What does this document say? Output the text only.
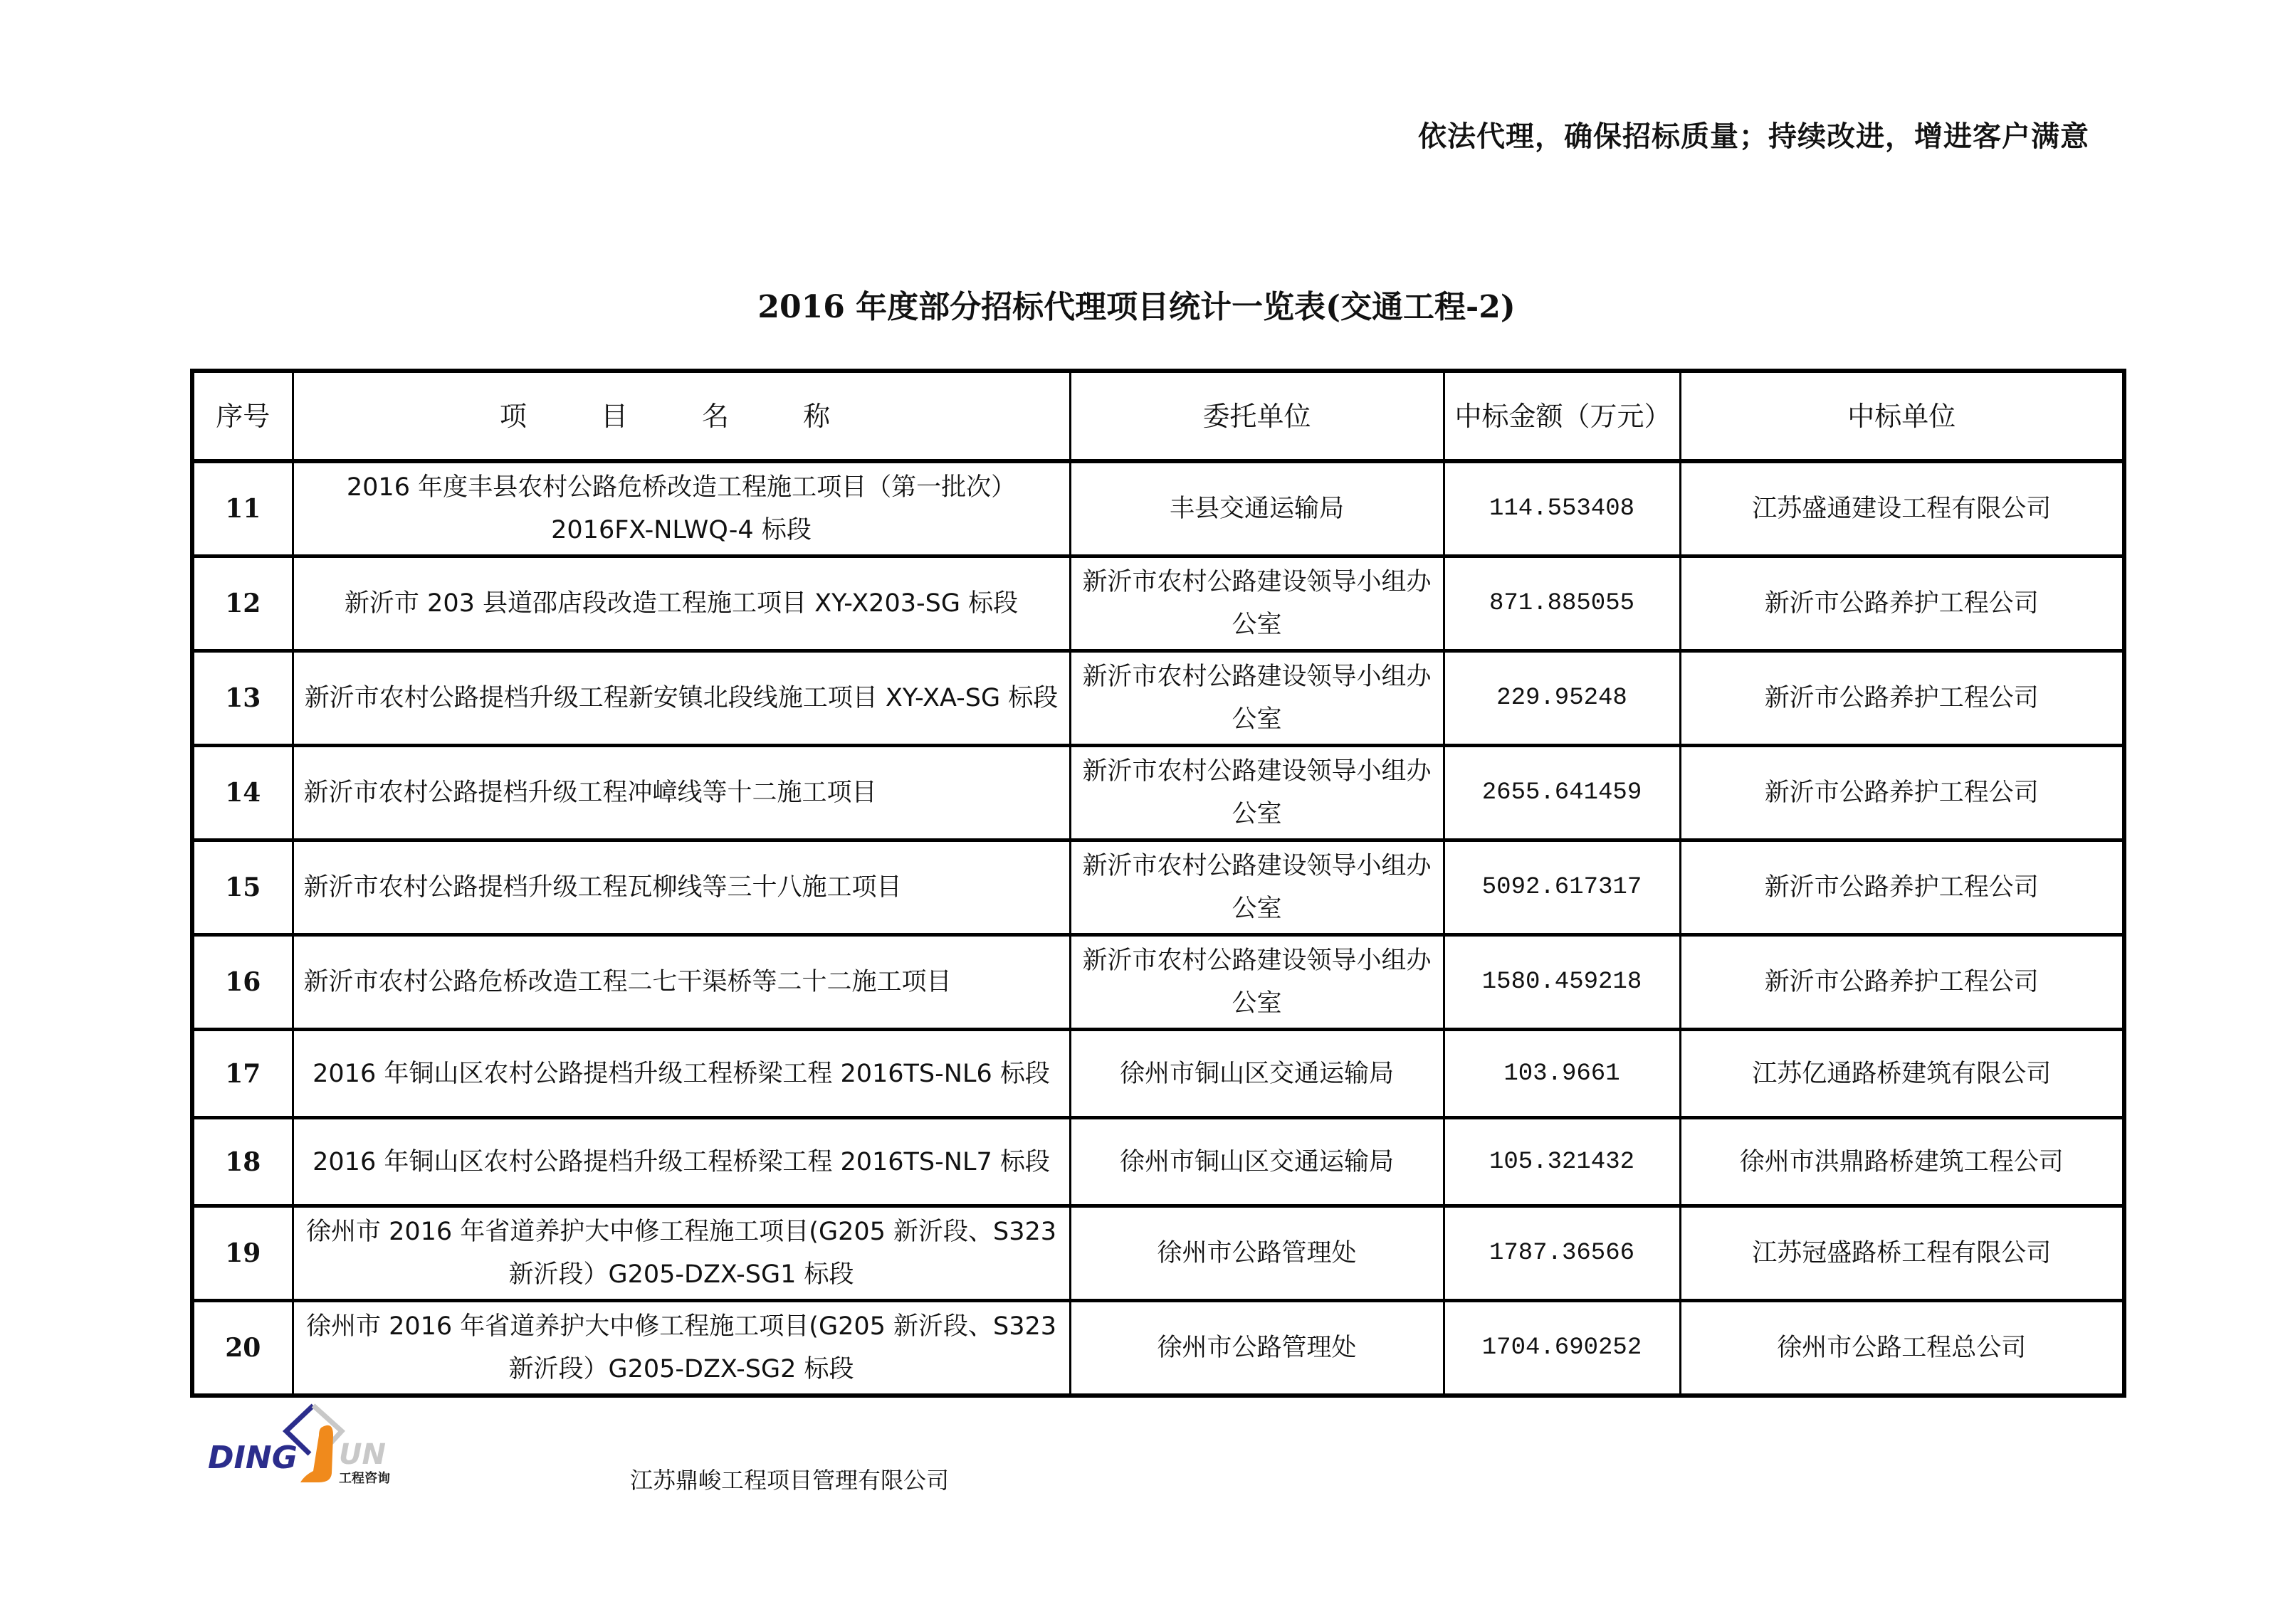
依法代理，确保招标质量；持续改进，增进客户满意
2016 年度部分招标代理项目统计一览表(交通工程-2)
序号	项 目 名 称	委托单位	中标金额（万元）	中标单位
11	2016 年度丰县农村公路危桥改造工程施工项目（第一批次）2016FX-NLWQ-4 标段	丰县交通运输局	114.553408	江苏盛通建设工程有限公司
12	新沂市 203 县道邵店段改造工程施工项目 XY-X203-SG 标段	新沂市农村公路建设领导小组办公室	871.885055	新沂市公路养护工程公司
13	新沂市农村公路提档升级工程新安镇北段线施工项目 XY-XA-SG 标段	新沂市农村公路建设领导小组办公室	229.95248	新沂市公路养护工程公司
14	新沂市农村公路提档升级工程冲嶂线等十二施工项目	新沂市农村公路建设领导小组办公室	2655.641459	新沂市公路养护工程公司
15	新沂市农村公路提档升级工程瓦柳线等三十八施工项目	新沂市农村公路建设领导小组办公室	5092.617317	新沂市公路养护工程公司
16	新沂市农村公路危桥改造工程二七干渠桥等二十二施工项目	新沂市农村公路建设领导小组办公室	1580.459218	新沂市公路养护工程公司
17	2016 年铜山区农村公路提档升级工程桥梁工程 2016TS-NL6 标段	徐州市铜山区交通运输局	103.9661	江苏亿通路桥建筑有限公司
18	2016 年铜山区农村公路提档升级工程桥梁工程 2016TS-NL7 标段	徐州市铜山区交通运输局	105.321432	徐州市洪鼎路桥建筑工程公司
19	徐州市 2016 年省道养护大中修工程施工项目(G205 新沂段、S323 新沂段）G205-DZX-SG1 标段	徐州市公路管理处	1787.36566	江苏冠盛路桥工程有限公司
20	徐州市 2016 年省道养护大中修工程施工项目(G205 新沂段、S323 新沂段）G205-DZX-SG2 标段	徐州市公路管理处	1704.690252	徐州市公路工程总公司
DING UN
工程咨询	江苏鼎峻工程项目管理有限公司
